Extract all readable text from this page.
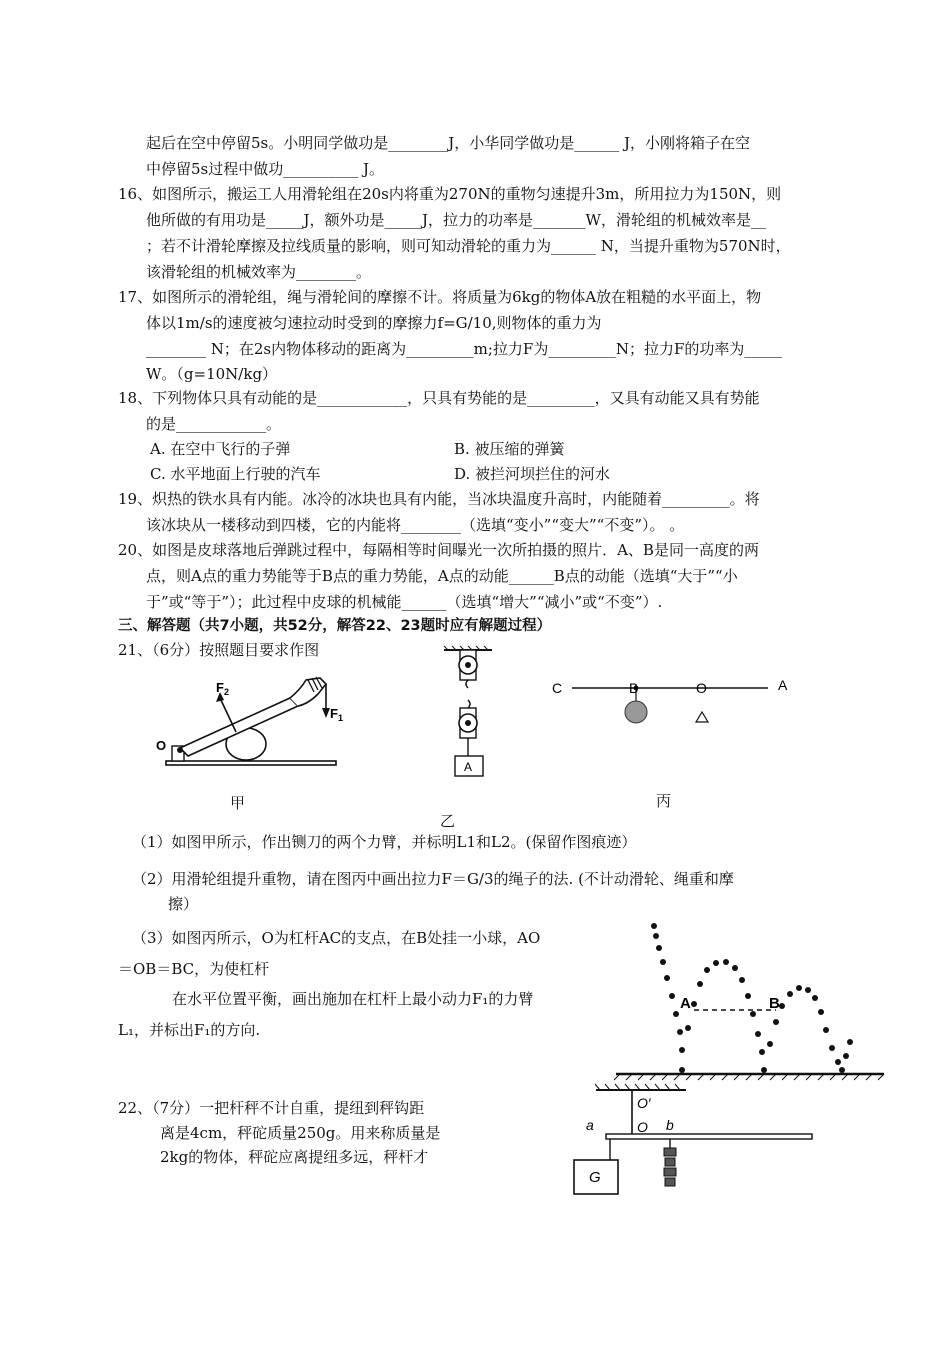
起后在空中停留5s。小明同学做功是________J，小华同学做功是______ J，小刚将箱子在空
中停留5s过程中做功__________ J。
16、如图所示，搬运工人用滑轮组在20s内将重为270N的重物匀速提升3m，所用拉力为150N，则
他所做的有用功是_____J，额外功是_____J，拉力的功率是_______W，滑轮组的机械效率是__
；若不计滑轮摩擦及拉线质量的影响，则可知动滑轮的重力为______ N，当提升重物为570N时，
该滑轮组的机械效率为________。
17、如图所示的滑轮组，绳与滑轮间的摩擦不计。将质量为6kg的物体A放在粗糙的水平面上，物
体以1m/s的速度被匀速拉动时受到的摩擦力f=G/10,则物体的重力为
________ N；在2s内物体移动的距离为_________m;拉力F为_________N；拉力F的功率为_____
W。（g=10N/kg）
18、下列物体只具有动能的是____________，只具有势能的是_________，又具有动能又具有势能
的是____________。
A. 在空中飞行的子弹	B. 被压缩的弹簧
C. 水平地面上行驶的汽车	D. 被拦河坝拦住的河水
19、炽热的铁水具有内能。冰冷的冰块也具有内能，当冰块温度升高时，内能随着_________。将
该冰块从一楼移动到四楼，它的内能将________（选填“变小”“变大”“不变”）。 。
20、如图是皮球落地后弹跳过程中，每隔相等时间曝光一次所拍摄的照片．A、B是同一高度的两
点，则A点的重力势能等于B点的重力势能，A点的动能______B点的动能（选填“大于”“小
于”或“等于”）；此过程中皮球的机械能______（选填“增大”“减小”或“不变”）.
三、解答题（共7小题，共52分，解答22、23题时应有解题过程）
21、（6分）按照题目要求作图
（1）如图甲所示，作出铡刀的两个力臂，并标明L1和L2。(保留作图痕迹）
（2）用滑轮组提升重物，请在图丙中画出拉力F＝G/3的绳子的法. (不计动滑轮、绳重和摩
擦）
（3）如图丙所示，O为杠杆AC的支点，在B处挂一小球，AO
＝OB＝BC，为使杠杆
在水平位置平衡，画出施加在杠杆上最小动力F₁的力臂
L₁，并标出F₁的方向.
22、（7分）一把杆秤不计自重，提纽到秤钩距
离是4cm，秤砣质量250g。用来称质量是
2kg的物体，秤砣应离提纽多远，秤杆才
$F_2$
$F_1$
O
甲
A
乙
C	B	O	A
丙
A	B
O′
O
a	b
G
